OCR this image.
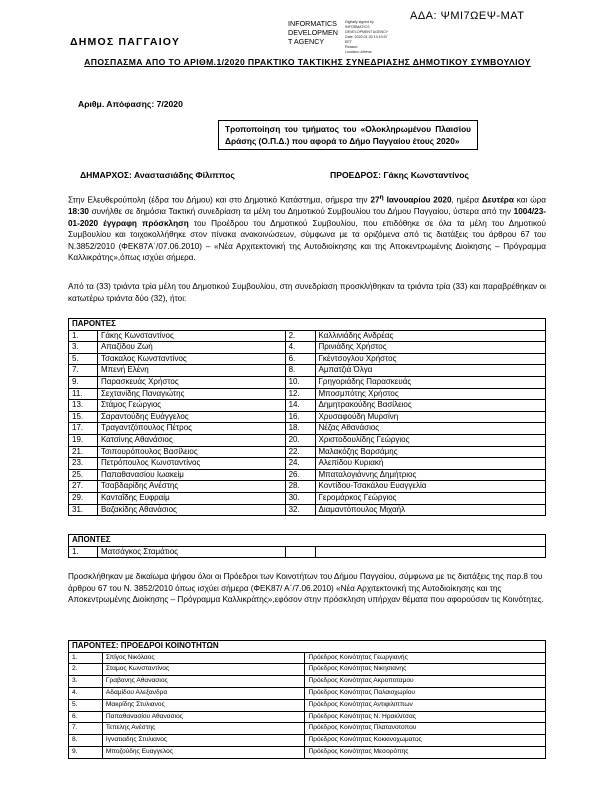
ΑΔΑ: ΨΜΙ7ΩΕΨ-ΜΑΤ
INFORMATICS
DEVELOPMEN
T AGENCY
Digitally signed by
INFORMATICS
DEVELOPMENT AGENCY
Date: 2020.01.30 13:19:57
EET
Reason:
Location: Athens
ΔΗΜΟΣ ΠΑΓΓΑΙΟΥ
ΑΠΟΣΠΑΣΜΑ ΑΠΟ ΤΟ ΑΡΙΘΜ.1/2020 ΠΡΑΚΤΙΚΟ ΤΑΚΤΙΚΗΣ ΣΥΝΕΔΡΙΑΣΗΣ ΔΗΜΟΤΙΚΟΥ ΣΥΜΒΟΥΛΙΟΥ
Αριθμ. Απόφασης: 7/2020
Τροποποίηση του τμήματος του «Ολοκληρωμένου Πλαισίου Δράσης (Ο.Π.Δ.) που αφορά το Δήμο Παγγαίου έτους 2020»
ΔΗΜΑΡΧΟΣ: Αναστασιάδης Φίλιππος	ΠΡΟΕΔΡΟΣ: Γάκης Κωνσταντίνος
Στην Ελευθερούπολη (έδρα του Δήμου) και στο Δημοτικό Κατάστημα, σήμερα την $27^\eta$ Ιανουαρίου 2020, ημέρα Δευτέρα και ώρα 18:30 συνήλθε σε δημόσια Τακτική συνεδρίαση τα μέλη του Δημοτικού Συμβουλίου του Δήμου Παγγαίου, ύστερα από την 1004/23-01-2020 έγγραφη πρόσκληση του Προέδρου του Δημοτικού Συμβουλίου, που επιδόθηκε σε όλα τα μέλη του Δημοτικού Συμβουλίου και τοιχοκολλήθηκε στον πίνακα ανακοινώσεων, σύμφωνα με τα οριζόμενα από τις διατάξεις του άρθρου 67 του Ν.3852/2010 (ΦΕΚ87Α΄/07.06.2010) – «Νέα Αρχιτεκτονική της Αυτοδιοίκησης και της Αποκεντρωμένης Διοίκησης – Πρόγραμμα Καλλικράτης»,όπως ισχύει σήμερα.
Από τα (33) τριάντα τρία μέλη του Δημοτικού Συμβουλίου, στη συνεδρίαση προσκλήθηκαν τα τριάντα τρία (33) και παραβρέθηκαν οι κατωτέρω τριάντα δύο (32), ήτοι:
ΠΑΡΟΝΤΕΣ			
1.	Γάκης Κωνσταντίνος	2.	Καλλινιάδης Ανδρέας
3.	Απαζίδου Ζωή	4.	Πρινιάδης Χρήστος
5.	Τσακαλος Κωνσταντίνος	6.	Γκέντσογλου Χρήστος
7.	Μπενή Ελένη	8.	Αμπατζιά Όλγα
9.	Παρασκευάς Χρήστος	10.	Γρηγοριάδης Παρασκευάς
11.	Σεχτανίδης Παναγιώτης	12.	Μποσμπότης Χρήστος
13.	Στάμος Γεώργιος	14.	Δημητρακούδης Βασίλειος
15.	Σαραντούδης Ευάγγελος	16.	Χρυσαφούδη Μυρσίνη
17.	Τραγαντζόπουλος Πέτρος	18.	Νέζας Αθανάσιος
19.	Κατσίνης Αθανάσιος	20.	Χριστοδουλίδης Γεώργιος
21.	Τσιπουρόπουλος Βασίλειος	22.	Μαλακόζης Βαρσάμης
23.	Πετρόπουλος Κωνσταντίνος	24.	Αλεπίδου Κυριακή
25.	Παπαθανασίου Ιωακείμ	26.	Μπαταλογιάννης Δημήτριος
27.	Τσαβδαρίδης Ανέστης	28.	Κοντίδου-Τσακάλου Ευαγγελία
29.	Κανταΐδης Ευφραίμ	30.	Γερομάρκος Γεώργιος
31.	Βαζακίδης Αθανάσιος	32.	Διαμαντόπουλος Μιχαήλ
ΑΠΟΝΤΕΣ
1.	Ματσάγκος Σταμάτιος		
Προσκλήθηκαν με δικαίωμα ψήφου όλοι οι Πρόεδροι των Κοινοτήτων του Δήμου Παγγαίου, σύμφωνα με τις διατάξεις της παρ.8 του άρθρου 67 του Ν. 3852/2010 όπως ισχύει σήμερα (ΦΕΚ87/ Α΄/7.06.2010) «Νέα Αρχιτεκτονική της Αυτοδιοίκησης και της Αποκεντρωμένης Διοίκησης – Πρόγραμμα Καλλικράτης»,εφόσον στην πρόσκληση υπήρχαν θέματα που αφορούσαν τις Κοινότητες.
ΠΑΡΟΝΤΕΣ: ΠΡΟΕΔΡΟΙ ΚΟΙΝΟΤΗΤΩΝ		
1.	Σπίγος Νικόλαος	Πρόεδρος Κοινότητας Γεωργιανής
2.	Σταμος Κωνσταντίνος	Πρόεδρος Κοινότητας Νικησιανης
3.	Γραβανης Αθανασιος	Πρόεδρος Κοινότητας Ακροποταμου
4.	Αδαμίδου Αλεξανδρα	Πρόεδρος Κοινότητας Παλαιοχωρίου
5.	Μακρίδης Στυλιανος	Πρόεδρος Κοινότητας Αντιφιλιππων
6.	Παπαθανασίου Αθανασιος	Πρόεδρος Κοινότητας Ν. Ηρακλιτσας
7.	Τεπελης Ανέστης	Πρόεδρος Κοινότητας Πλατανοτοπου
8.	Ιγνατιαδης Στυλιανος	Πρόεδρος Κοινότητας Κοκκινοχωματος
9.	Μποζούδης Ευαγγελος	Πρόεδρος Κοινότητας Μεσορόπης
